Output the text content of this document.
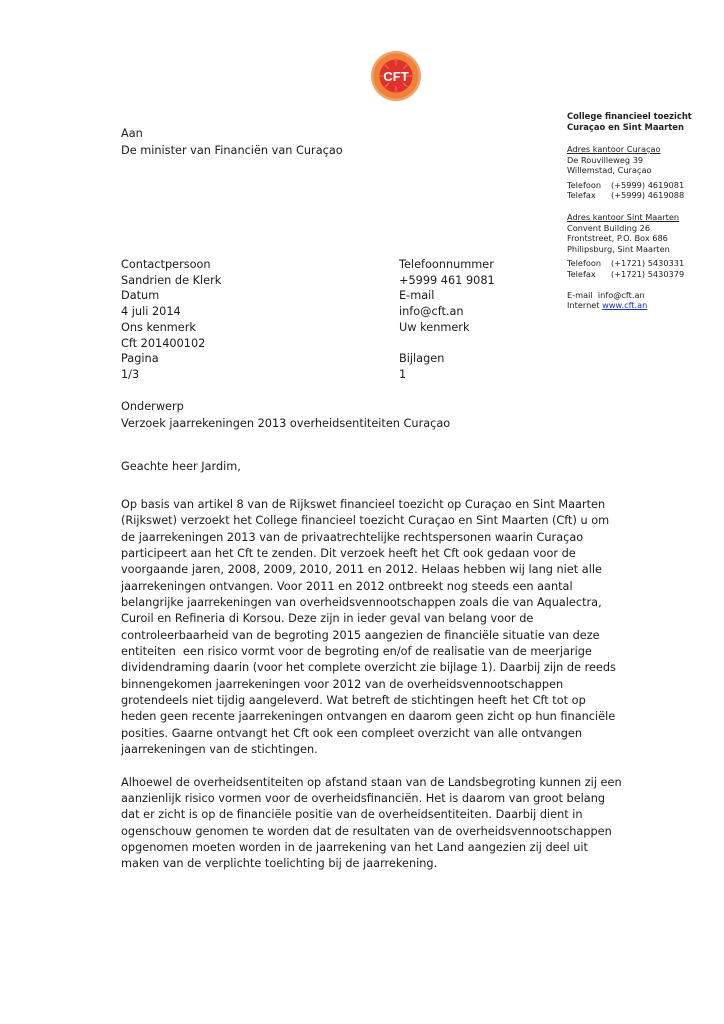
CFT
College financieel toezicht
Curaçao en Sint Maarten
Adres kantoor Curaçao
De Rouvilleweg 39
Willemstad, Curaçao
Telefoon	(+5999) 4619081
Telefax	(+5999) 4619088
Adres kantoor Sint Maarten
Convent Building 26
Frontstreet, P.O. Box 686
Philipsburg, Sint Maarten
Telefoon	(+1721) 5430331
Telefax	(+1721) 5430379
E-mail info@cft.an
Internet www.cft.an
Aan
De minister van Financiën van Curaçao
Contactpersoon
Sandrien de Klerk
Datum
4 juli 2014
Ons kenmerk
Cft 201400102
Pagina
1/3
Telefoonnummer
+5999 461 9081
E-mail
info@cft.an
Uw kenmerk

Bijlagen
1
Onderwerp
Verzoek jaarrekeningen 2013 overheidsentiteiten Curaçao
Geachte heer Jardim,

Op basis van artikel 8 van de Rijkswet financieel toezicht op Curaçao en Sint Maarten
(Rijkswet) verzoekt het College financieel toezicht Curaçao en Sint Maarten (Cft) u om
de jaarrekeningen 2013 van de privaatrechtelijke rechtspersonen waarin Curaçao
participeert aan het Cft te zenden. Dit verzoek heeft het Cft ook gedaan voor de
voorgaande jaren, 2008, 2009, 2010, 2011 en 2012. Helaas hebben wij lang niet alle
jaarrekeningen ontvangen. Voor 2011 en 2012 ontbreekt nog steeds een aantal
belangrijke jaarrekeningen van overheidsvennootschappen zoals die van Aqualectra,
Curoil en Refineria di Korsou. Deze zijn in ieder geval van belang voor de
controleerbaarheid van de begroting 2015 aangezien de financiële situatie van deze
entiteiten  een risico vormt voor de begroting en/of de realisatie van de meerjarige
dividendraming daarin (voor het complete overzicht zie bijlage 1). Daarbij zijn de reeds
binnengekomen jaarrekeningen voor 2012 van de overheidsvennootschappen
grotendeels niet tijdig aangeleverd. Wat betreft de stichtingen heeft het Cft tot op
heden geen recente jaarrekeningen ontvangen en daarom geen zicht op hun financiële
posities. Gaarne ontvangt het Cft ook een compleet overzicht van alle ontvangen
jaarrekeningen van de stichtingen.

Alhoewel de overheidsentiteiten op afstand staan van de Landsbegroting kunnen zij een
aanzienlijk risico vormen voor de overheidsfinanciën. Het is daarom van groot belang
dat er zicht is op de financiële positie van de overheidsentiteiten. Daarbij dient in
ogenschouw genomen te worden dat de resultaten van de overheidsvennootschappen
opgenomen moeten worden in de jaarrekening van het Land aangezien zij deel uit
maken van de verplichte toelichting bij de jaarrekening.
